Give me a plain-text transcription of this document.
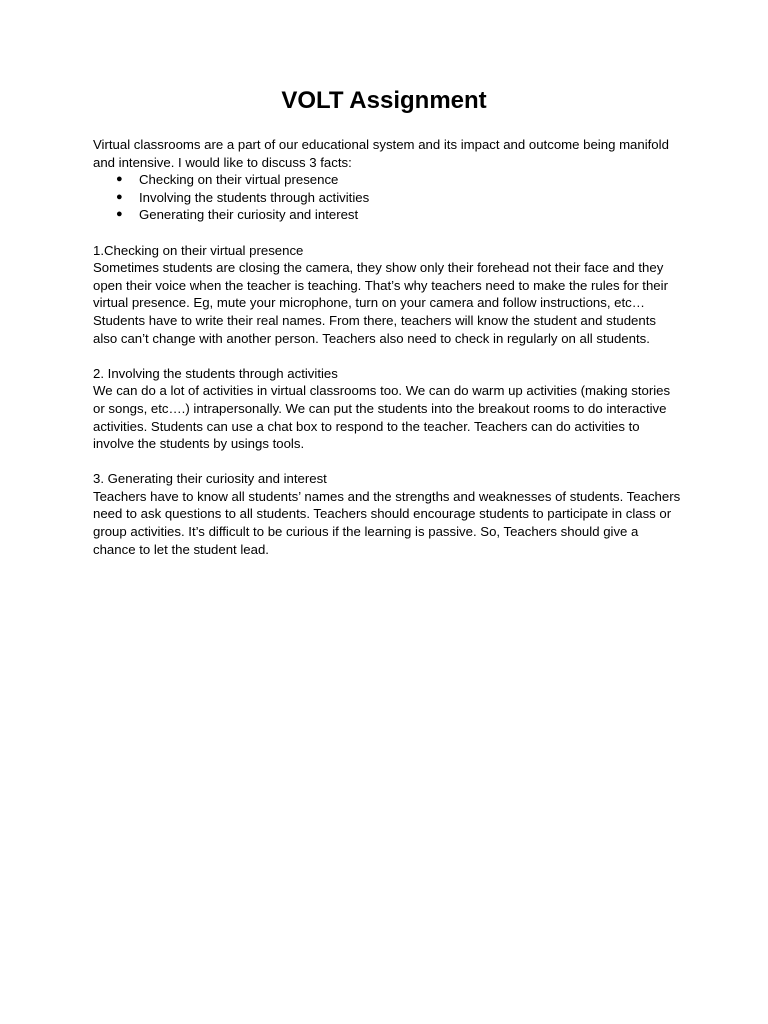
VOLT Assignment

Virtual classrooms are a part of our educational system and its impact and outcome being manifold and intensive. I would like to discuss 3 facts:

● Checking on their virtual presence
● Involving the students through activities
● Generating their curiosity and interest

1.Checking on their virtual presence

Sometimes students are closing the camera, they show only their forehead not their face and they open their voice when the teacher is teaching. That’s why teachers need to make the rules for their virtual presence. Eg, mute your microphone, turn on your camera and follow instructions, etc… Students have to write their real names. From there, teachers will know the student and students also can’t change with another person. Teachers also need to check in regularly on all students.

2. Involving the students through activities

We can do a lot of activities in virtual classrooms too. We can do warm up activities (making stories or songs, etc….) intrapersonally. We can put the students into the breakout rooms to do interactive activities. Students can use a chat box to respond to the teacher. Teachers can do activities to involve the students by usings tools.

3. Generating their curiosity and interest

Teachers have to know all students’ names and the strengths and weaknesses of students. Teachers need to ask questions to all students. Teachers should encourage students to participate in class or group activities. It’s difficult to be curious if the learning is passive. So, Teachers should give a chance to let the student lead.
